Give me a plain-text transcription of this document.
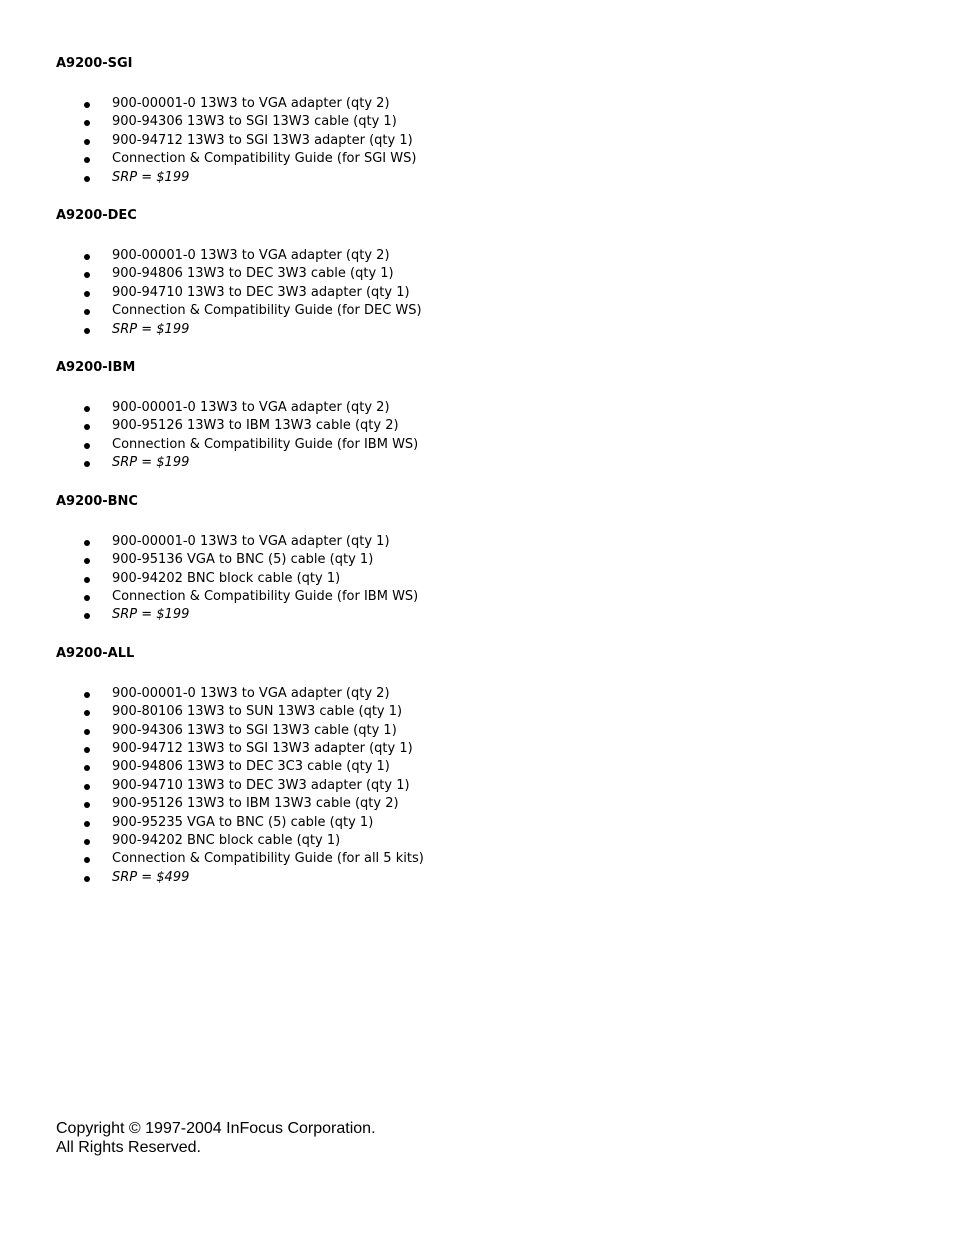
A9200-SGI
900-00001-0 13W3 to VGA adapter (qty 2)
900-94306 13W3 to SGI 13W3 cable (qty 1)
900-94712 13W3 to SGI 13W3 adapter (qty 1)
Connection & Compatibility Guide (for SGI WS)
SRP = $199
A9200-DEC
900-00001-0 13W3 to VGA adapter (qty 2)
900-94806 13W3 to DEC 3W3 cable (qty 1)
900-94710 13W3 to DEC 3W3 adapter (qty 1)
Connection & Compatibility Guide (for DEC WS)
SRP = $199
A9200-IBM
900-00001-0 13W3 to VGA adapter (qty 2)
900-95126 13W3 to IBM 13W3 cable (qty 2)
Connection & Compatibility Guide (for IBM WS)
SRP = $199
A9200-BNC
900-00001-0 13W3 to VGA adapter (qty 1)
900-95136 VGA to BNC (5) cable (qty 1)
900-94202 BNC block cable (qty 1)
Connection & Compatibility Guide (for IBM WS)
SRP = $199
A9200-ALL
900-00001-0 13W3 to VGA adapter (qty 2)
900-80106 13W3 to SUN 13W3 cable (qty 1)
900-94306 13W3 to SGI 13W3 cable (qty 1)
900-94712 13W3 to SGI 13W3 adapter (qty 1)
900-94806 13W3 to DEC 3C3 cable (qty 1)
900-94710 13W3 to DEC 3W3 adapter (qty 1)
900-95126 13W3 to IBM 13W3 cable (qty 2)
900-95235 VGA to BNC (5) cable (qty 1)
900-94202 BNC block cable (qty 1)
Connection & Compatibility Guide (for all 5 kits)
SRP = $499
Copyright © 1997-2004 InFocus Corporation.
All Rights Reserved.
